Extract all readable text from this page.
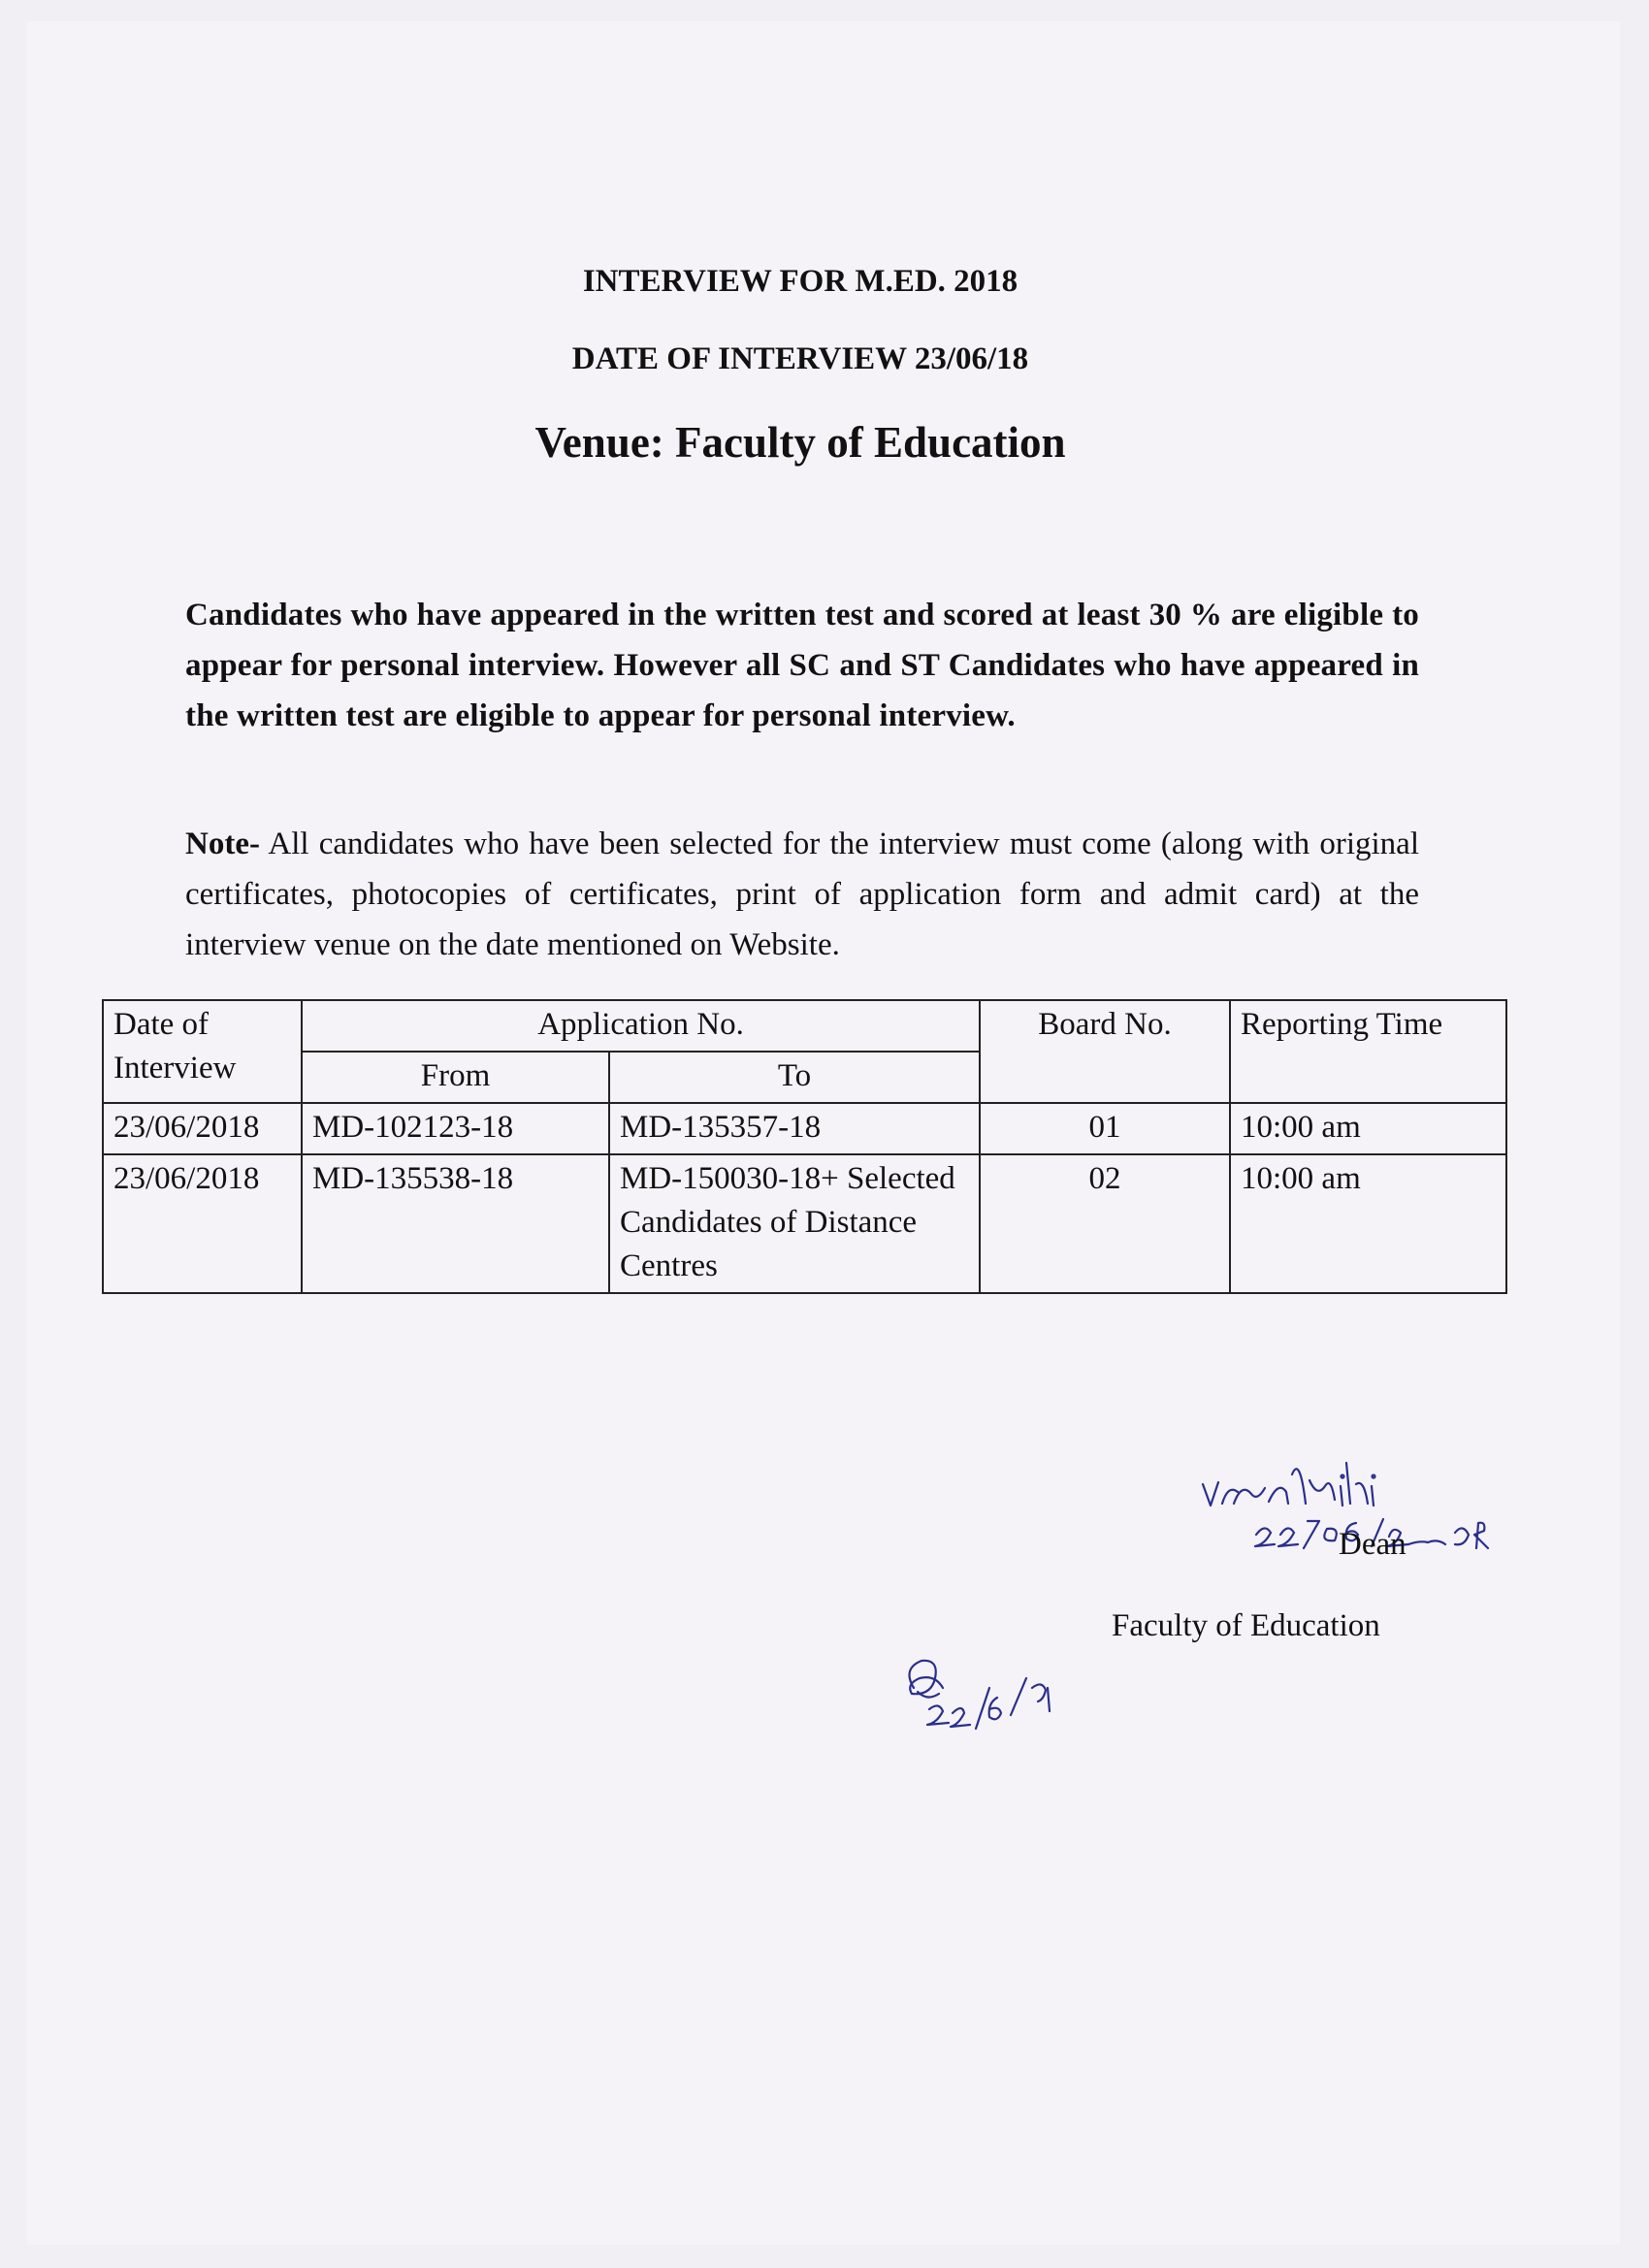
INTERVIEW FOR M.ED. 2018
DATE OF INTERVIEW 23/06/18
Venue: Faculty of Education
Candidates who have appeared in the written test and scored at least 30 % are eligible to appear for personal interview. However all SC and ST Candidates who have appeared in the written test are eligible to appear for personal interview.
Note- All candidates who have been selected for the interview must come (along with original certificates, photocopies of certificates, print of application form and admit card) at the interview venue on the date mentioned on Website.
Date of Interview	Application No.		Board No.	Reporting Time
	From	To		
23/06/2018	MD-102123-18	MD-135357-18	01	10:00 am
23/06/2018	MD-135538-18	MD-150030-18+ Selected Candidates of Distance Centres	02	10:00 am
Dean
Faculty of Education
